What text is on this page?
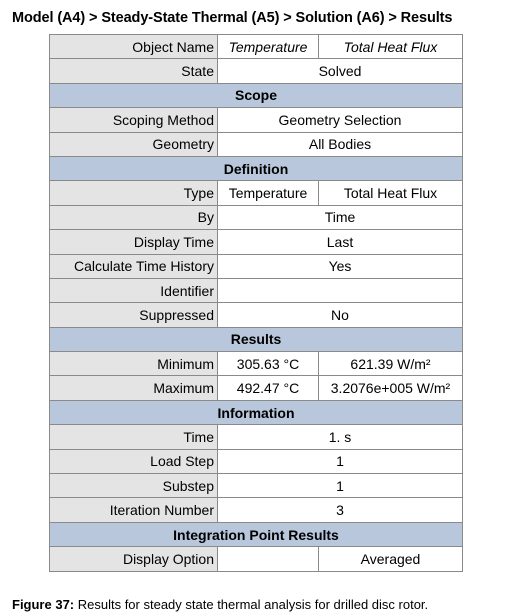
Model (A4) > Steady-State Thermal (A5) > Solution (A6) > Results
Object Name	Temperature	Total Heat Flux
State	Solved	
Scope		
Scoping Method	Geometry Selection	
Geometry	All Bodies	
Definition		
Type	Temperature	Total Heat Flux
By	Time	
Display Time	Last	
Calculate Time History	Yes	
Identifier		
Suppressed	No	
Results		
Minimum	305.63 °C	621.39 W/m²
Maximum	492.47 °C	3.2076e+005 W/m²
Information		
Time	1. s	
Load Step	1	
Substep	1	
Iteration Number	3	
Integration Point Results		
Display Option		Averaged
Figure 37: Results for steady state thermal analysis for drilled disc rotor.
